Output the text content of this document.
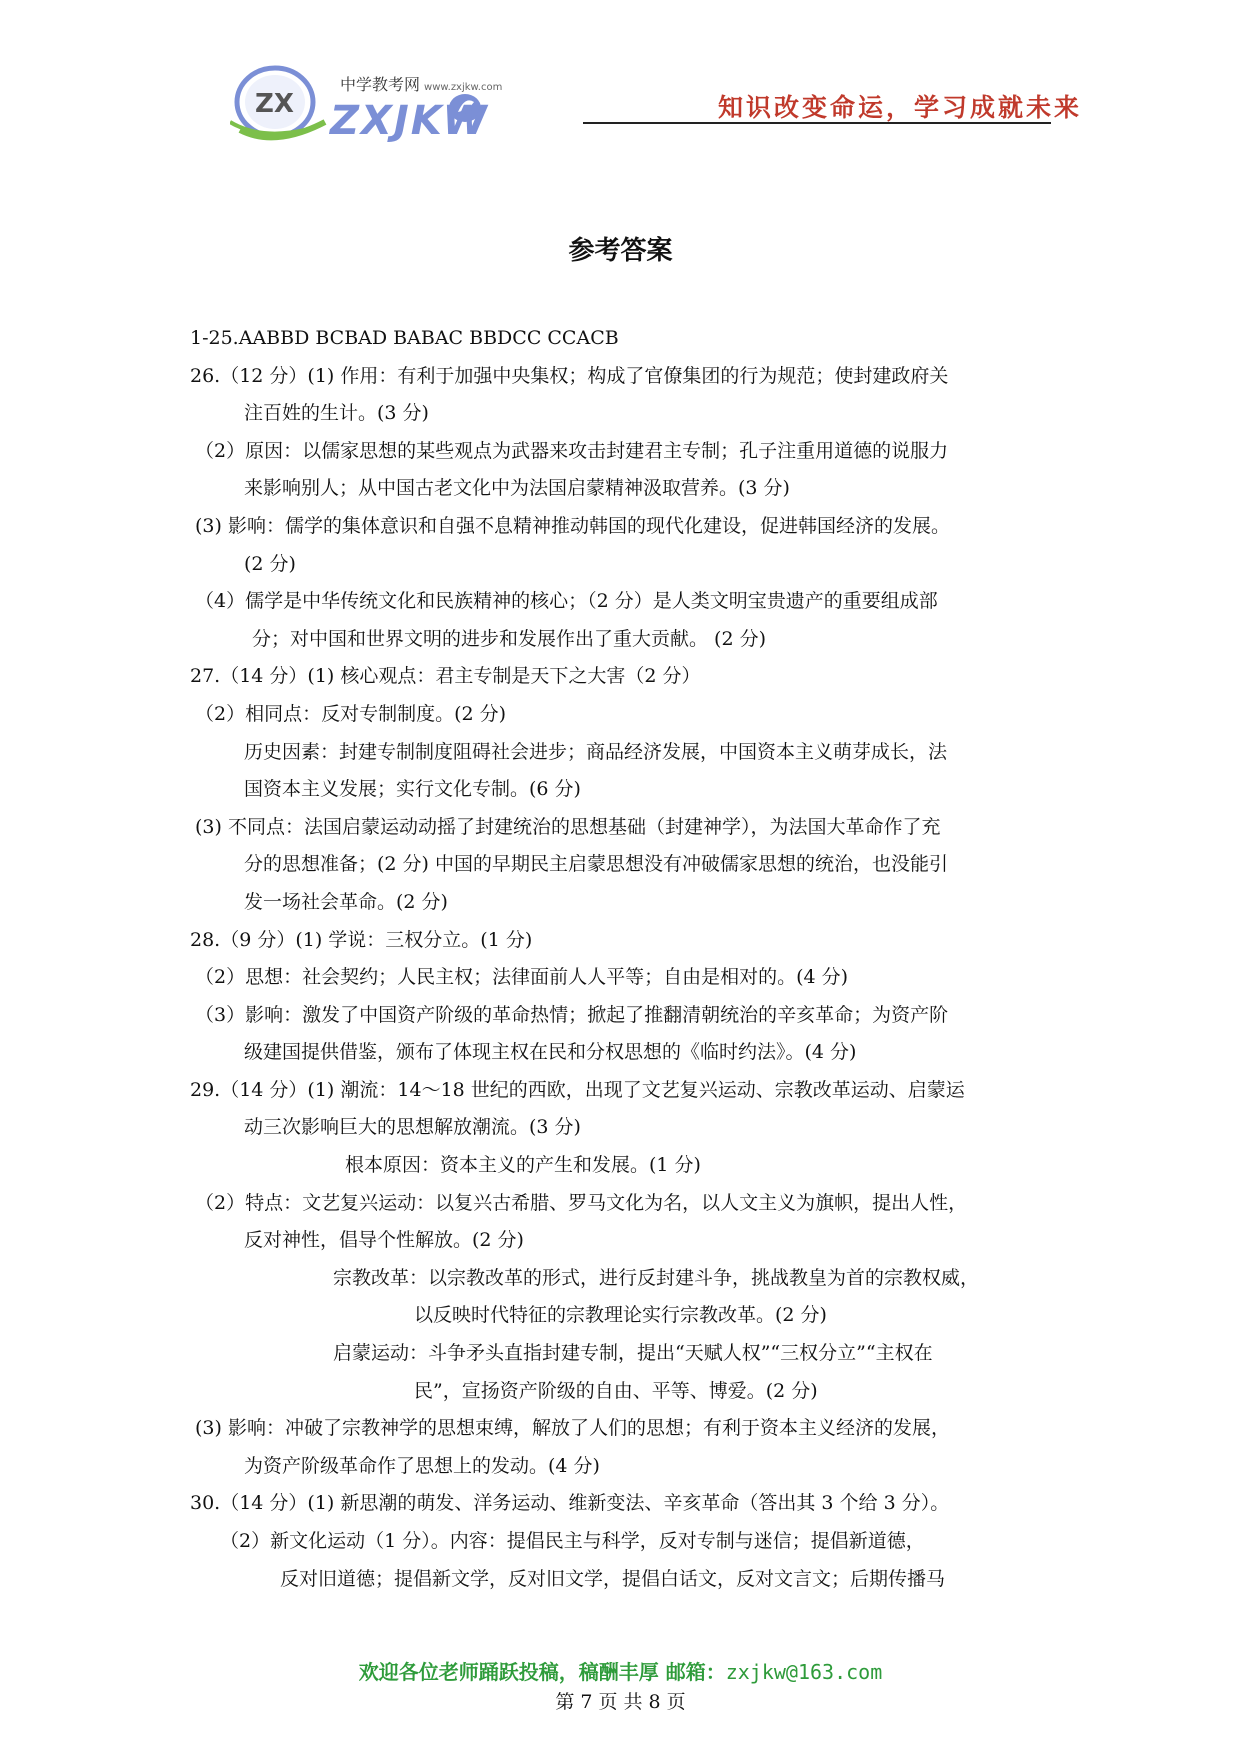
ZX
中学教考网 www.zxjkw.com
ZXJKW	知识改变命运，学习成就未来
参考答案
1-25.AABBD BCBAD BABAC BBDCC CCACB
26.（12 分）(1) 作用：有利于加强中央集权；构成了官僚集团的行为规范；使封建政府关
注百姓的生计。(3 分)
（2）原因：以儒家思想的某些观点为武器来攻击封建君主专制；孔子注重用道德的说服力
来影响别人；从中国古老文化中为法国启蒙精神汲取营养。(3 分)
(3) 影响：儒学的集体意识和自强不息精神推动韩国的现代化建设，促进韩国经济的发展。
(2 分)
（4）儒学是中华传统文化和民族精神的核心；（2 分）是人类文明宝贵遗产的重要组成部
分；对中国和世界文明的进步和发展作出了重大贡献。 (2 分)
27.（14 分）(1) 核心观点：君主专制是天下之大害（2 分）
（2）相同点：反对专制制度。(2 分)
历史因素：封建专制制度阻碍社会进步；商品经济发展，中国资本主义萌芽成长，法
国资本主义发展；实行文化专制。(6 分)
(3) 不同点：法国启蒙运动动摇了封建统治的思想基础（封建神学），为法国大革命作了充
分的思想准备；(2 分) 中国的早期民主启蒙思想没有冲破儒家思想的统治，也没能引
发一场社会革命。(2 分)
28.（9 分）(1) 学说：三权分立。(1 分)
（2）思想：社会契约；人民主权；法律面前人人平等；自由是相对的。(4 分)
（3）影响：激发了中国资产阶级的革命热情；掀起了推翻清朝统治的辛亥革命；为资产阶
级建国提供借鉴，颁布了体现主权在民和分权思想的《临时约法》。(4 分)
29.（14 分）(1) 潮流：14～18 世纪的西欧，出现了文艺复兴运动、宗教改革运动、启蒙运
动三次影响巨大的思想解放潮流。(3 分)
根本原因：资本主义的产生和发展。(1 分)
（2）特点：文艺复兴运动：以复兴古希腊、罗马文化为名，以人文主义为旗帜，提出人性，
反对神性，倡导个性解放。(2 分)
宗教改革：以宗教改革的形式，进行反封建斗争，挑战教皇为首的宗教权威，
以反映时代特征的宗教理论实行宗教改革。(2 分)
启蒙运动：斗争矛头直指封建专制，提出“天赋人权”“三权分立”“主权在
民”，宣扬资产阶级的自由、平等、博爱。(2 分)
(3) 影响：冲破了宗教神学的思想束缚，解放了人们的思想；有利于资本主义经济的发展，
为资产阶级革命作了思想上的发动。(4 分)
30.（14 分）(1) 新思潮的萌发、洋务运动、维新变法、辛亥革命（答出其 3 个给 3 分）。
（2）新文化运动（1 分）。内容：提倡民主与科学，反对专制与迷信；提倡新道德，
反对旧道德；提倡新文学，反对旧文学，提倡白话文，反对文言文；后期传播马
欢迎各位老师踊跃投稿，稿酬丰厚 邮箱：zxjkw@163.com
第 7 页 共 8 页
